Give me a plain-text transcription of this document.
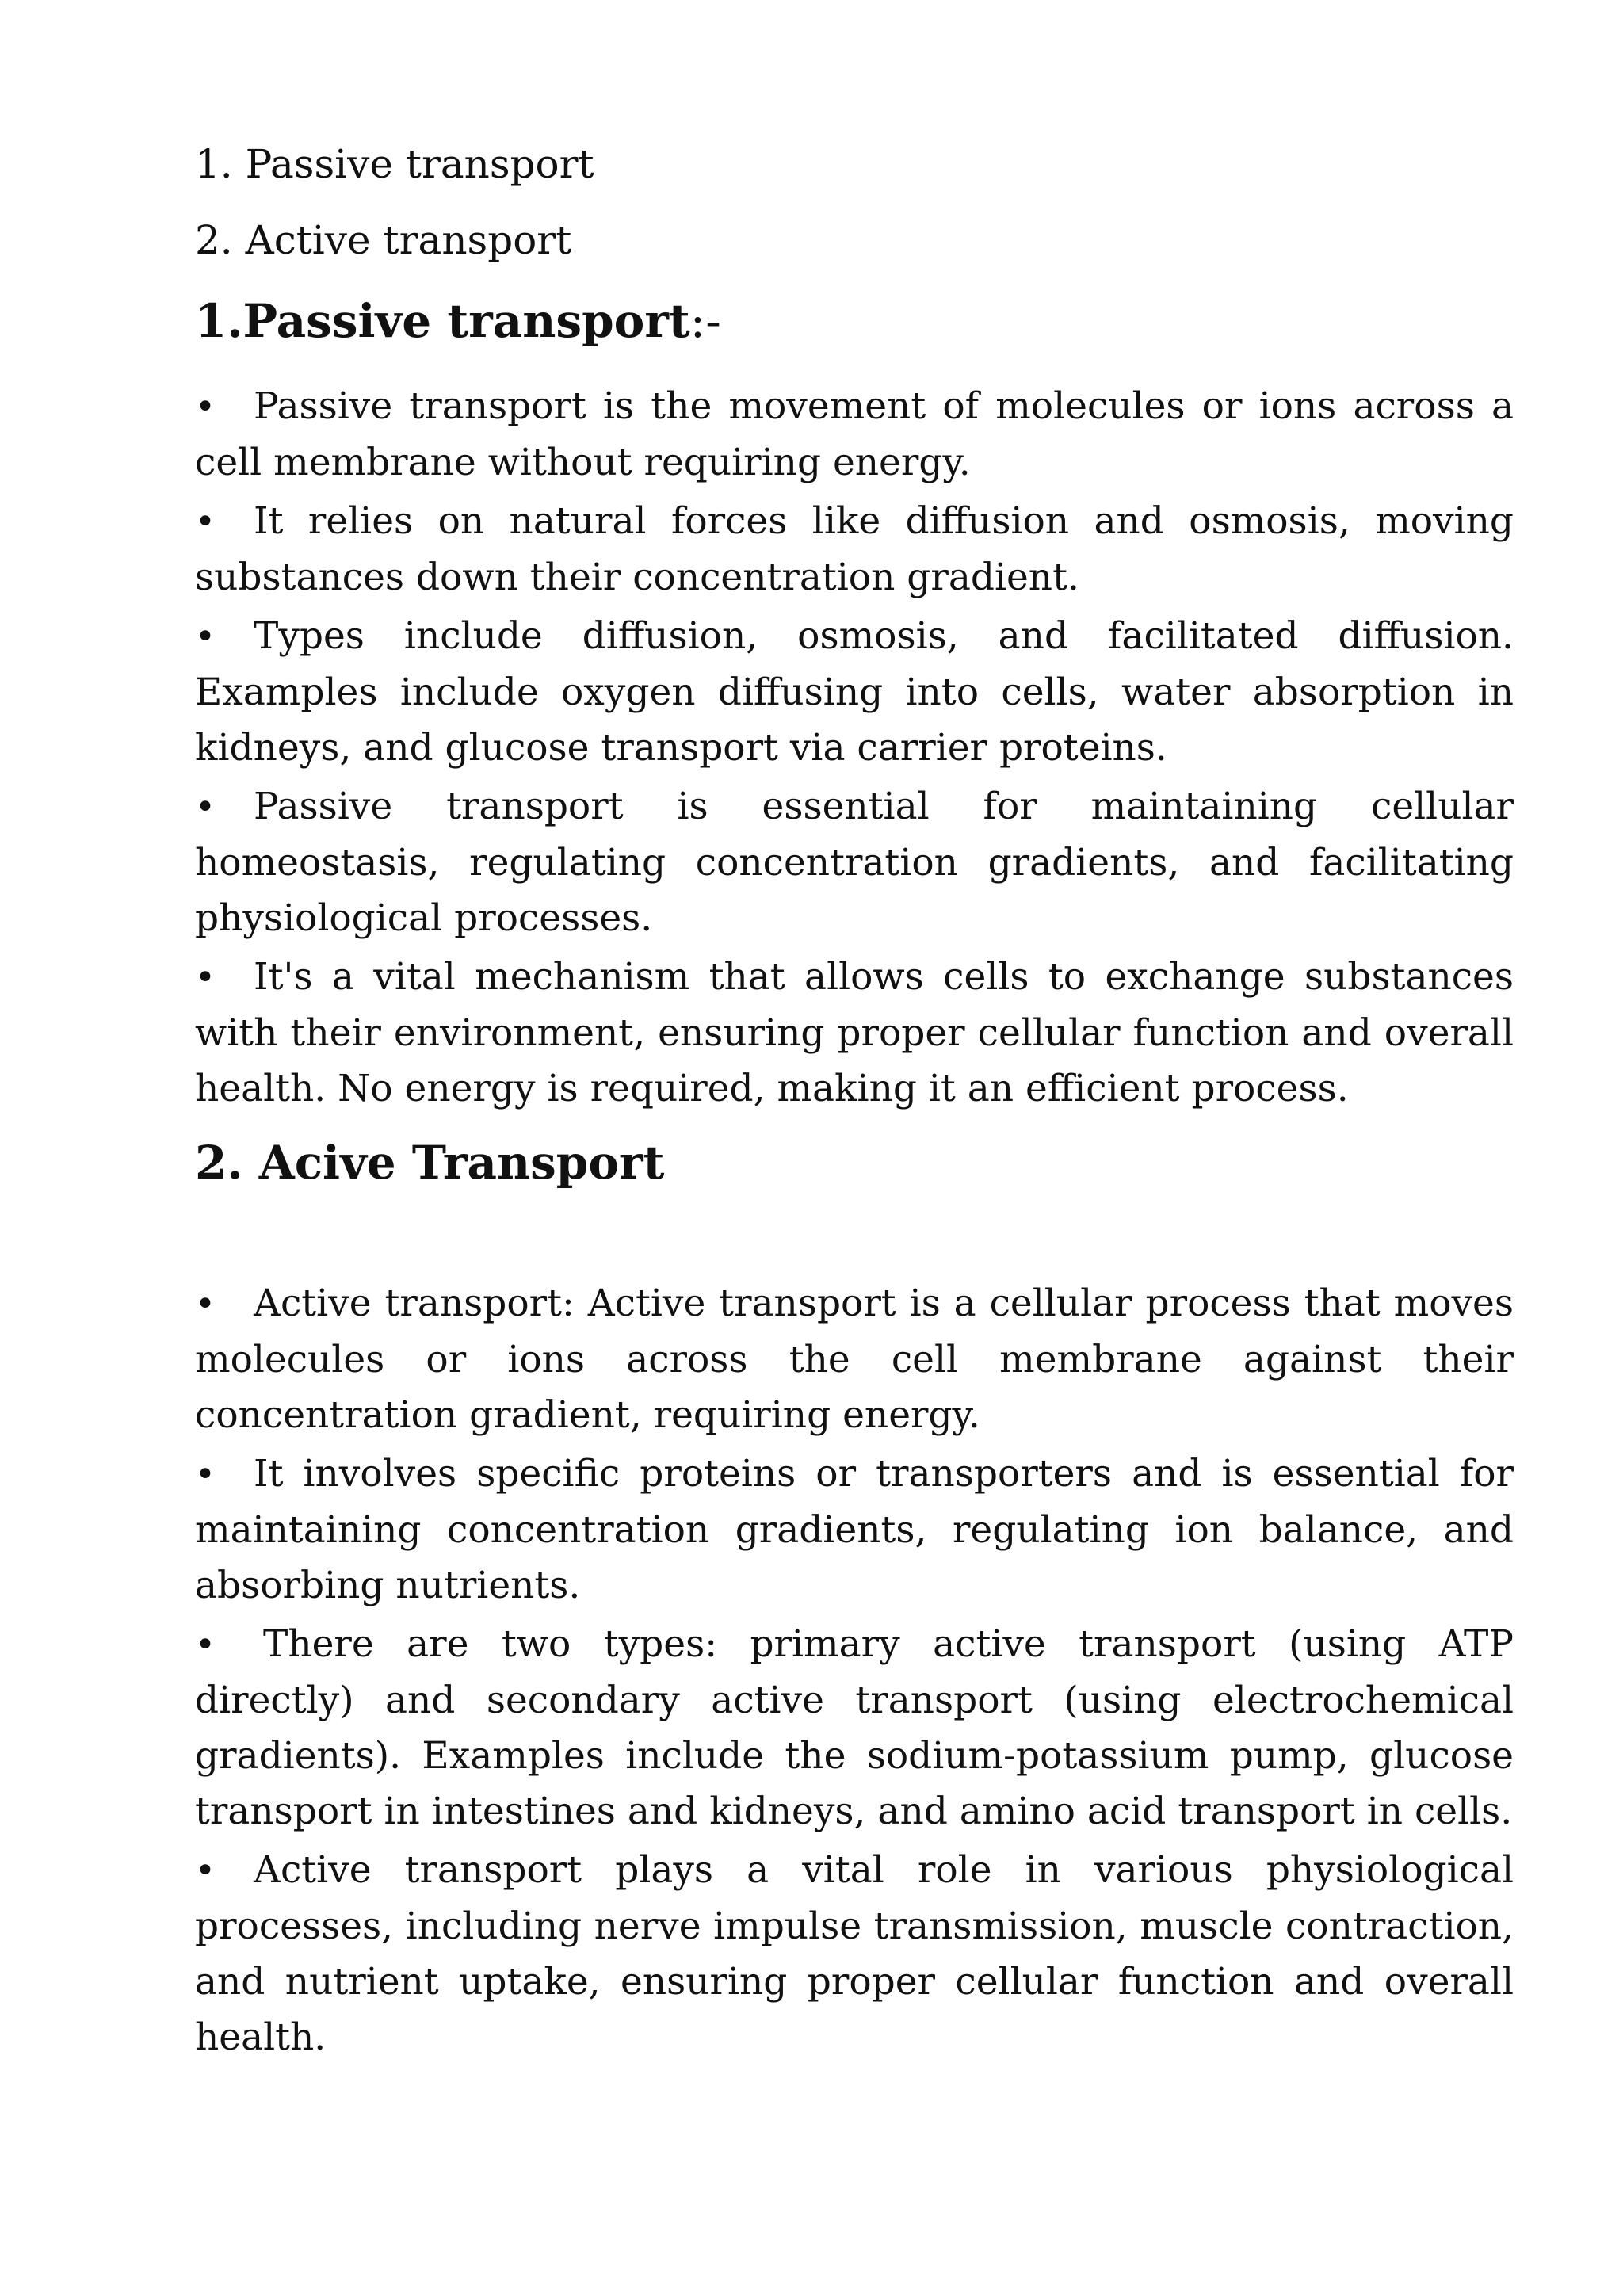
1. Passive transport

2. Active transport

1.Passive transport:-
•Passive transport is the movement of molecules or ions across a cell membrane without requiring energy.
•It relies on natural forces like diffusion and osmosis, moving substances down their concentration gradient.
•Types include diffusion, osmosis, and facilitated diffusion. Examples include oxygen diffusing into cells, water absorption in kidneys, and glucose transport via carrier proteins.
•Passive transport is essential for maintaining cellular homeostasis, regulating concentration gradients, and facilitating physiological processes.
•It's a vital mechanism that allows cells to exchange substances with their environment, ensuring proper cellular function and overall health. No energy is required, making it an efficient process.
2. Acive Transport
•Active transport: Active transport is a cellular process that moves molecules or ions across the cell membrane against their concentration gradient, requiring energy.
•It involves specific proteins or transporters and is essential for maintaining concentration gradients, regulating ion balance, and absorbing nutrients.
•There are two types: primary active transport (using ATP directly) and secondary active transport (using electrochemical gradients). Examples include the sodium-potassium pump, glucose transport in intestines and kidneys, and amino acid transport in cells.
•Active transport plays a vital role in various physiological processes, including nerve impulse transmission, muscle contraction, and nutrient uptake, ensuring proper cellular function and overall health.
